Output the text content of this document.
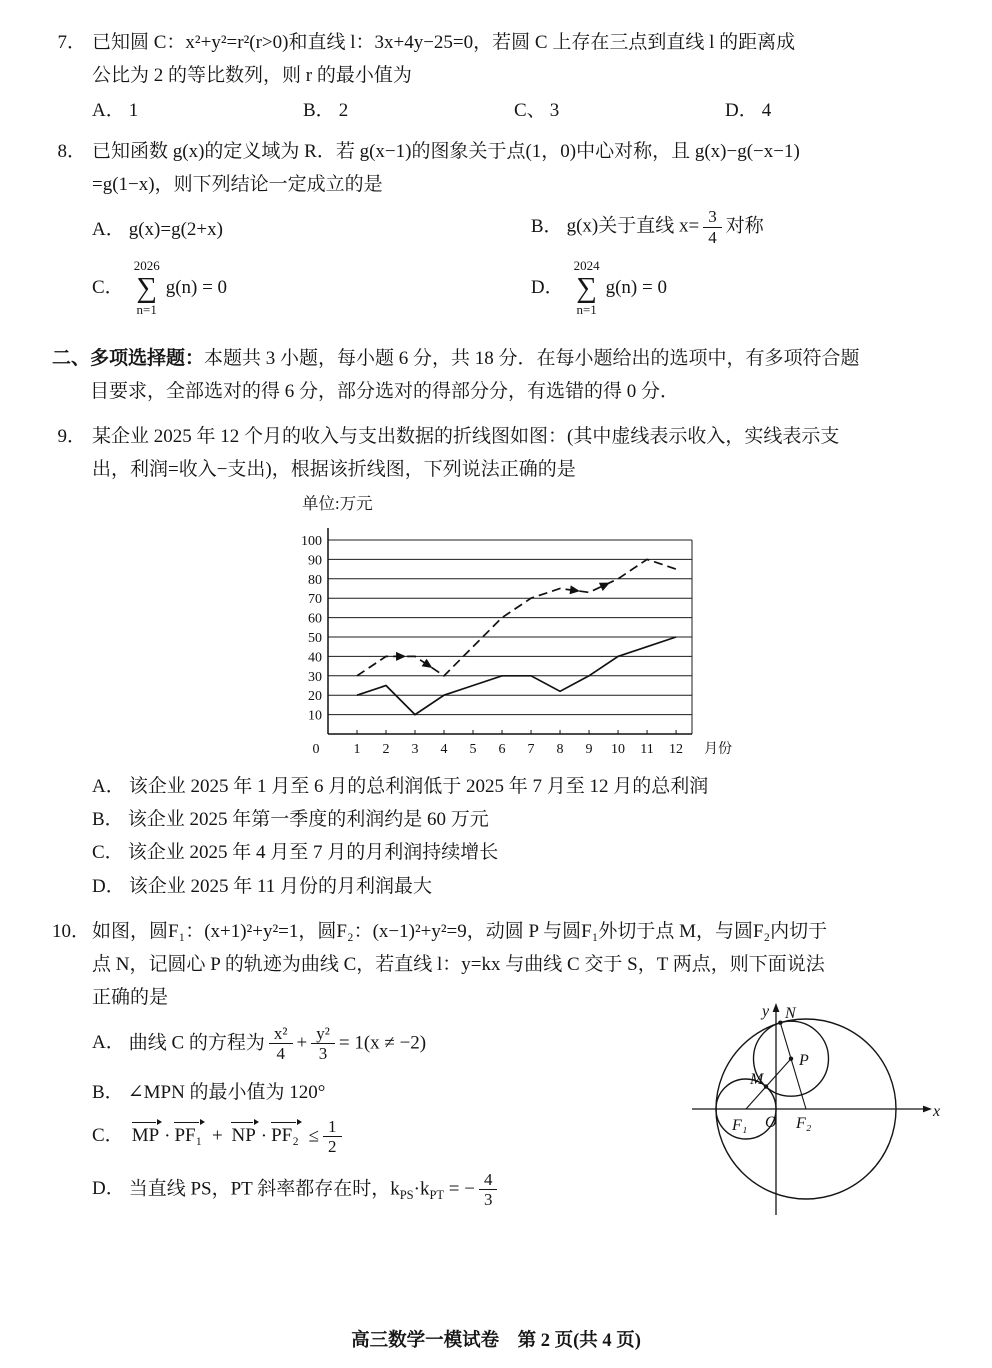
7． 已知圆 C：x²+y²=r²(r>0)和直线 l：3x+4y−25=0，若圆 C 上存在三点到直线 l 的距离成
公比为 2 的等比数列，则 r 的最小值为
A． 1	B． 2	C、 3	D． 4
8． 已知函数 g(x)的定义域为 R．若 g(x−1)的图象关于点(1，0)中心对称，且 g(x)−g(−x−1)
=g(1−x)，则下列结论一定成立的是
A． g(x)=g(2+x)	B． g(x)关于直线 $x= \frac{3}{4}$ 对称
C．
2026
∑
n=1
g(n) = 0	D．
2024
∑
n=1
g(n) = 0
二、多项选择题：本题共 3 小题，每小题 6 分，共 18 分．在每小题给出的选项中，有多项符合题
目要求，全部选对的得 6 分，部分选对的得部分分，有选错的得 0 分．
9． 某企业 2025 年 12 个月的收入与支出数据的折线图如图：(其中虚线表示收入，实线表示支
出，利润=收入−支出)，根据该折线图，下列说法正确的是
单位:万元
10
20
30
40
50
60
70
80
90
100
0 1 2 3 4 5 6 7 8 9 10 11 12 月份
A． 该企业 2025 年 1 月至 6 月的总利润低于 2025 年 7 月至 12 月的总利润
B． 该企业 2025 年第一季度的利润约是 60 万元
C． 该企业 2025 年 4 月至 7 月的月利润持续增长
D． 该企业 2025 年 11 月份的月利润最大
10． 如图，圆F₁：(x+1)²+y²=1，圆F₂：(x−1)²+y²=9，动圆 P 与圆F₁外切于点 M，与圆F₂内切于
点 N，记圆心 P 的轨迹为曲线 C，若直线 l：y=kx 与曲线 C 交于 S，T 两点，则下面说法
正确的是
A． 曲线 C 的方程为 $\frac{\text{x²}}{4} + \frac{\text{y²}}{3} = 1(x \ne -2)$
B． ∠MPN 的最小值为 120°
C． MP · PF₁ + NP · $PF_2 \le \frac{1}{2}$
D． 当直线 PS，PT 斜率都存在时，$k_{PS}\cdot k_{PT}$ = − $\frac{4}{3}$
y
x
N
P
M
F₁ O F₂
高三数学一模试卷　第 2 页(共 4 页)
